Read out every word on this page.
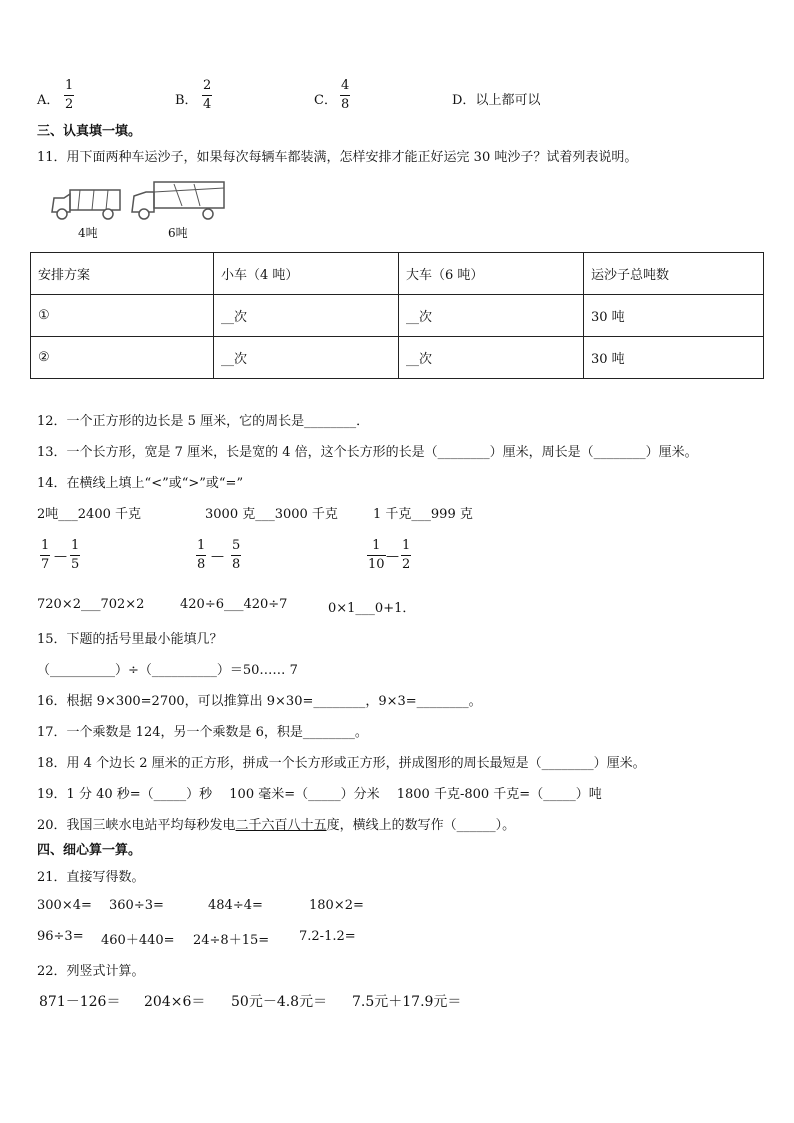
A．
1
2	B．
2
4	C．
4
8	D．以上都可以
三、认真填一填。
11．用下面两种车运沙子，如果每次每辆车都装满，怎样安排才能正好运完 30 吨沙子？试着列表说明。
4吨	6吨
安排方案	小车（4 吨）	大车（6 吨）	运沙子总吨数
①	__次	__次	30 吨
②	__次	__次	30 吨
12．一个正方形的边长是 5 厘米，它的周长是________．
13．一个长方形，宽是 7 厘米，长是宽的 4 倍，这个长方形的长是（________）厘米，周长是（________）厘米。
14．在横线上填上“<”或“>”或“=”
2吨___2400 千克	3000 克___3000 千克	1 千克___999 克
1
7
—
1
5
1
8
—
5
8
1
10
—
1
2
720×2___702×2	420÷6___420÷7	0×1___0+1．
15．下题的括号里最小能填几？
（__________）÷（__________）＝50…… 7
16．根据 9×300=2700，可以推算出 9×30=________，9×3=________。
17．一个乘数是 124，另一个乘数是 6，积是________。
18．用 4 个边长 2 厘米的正方形，拼成一个长方形或正方形，拼成图形的周长最短是（________）厘米。
19．1 分 40 秒=（_____）秒　 100 毫米=（_____）分米　 1800 千克-800 千克=（_____）吨
20．我国三峡水电站平均每秒发电二千六百八十五度，横线上的数写作（______）。
四、细心算一算。
21．直接写得数。
300×4= 360÷3=	484÷4=	180×2=
96÷3= 460＋440= 24÷8＋15= 7.2-1.2=
22．列竖式计算。
871－126＝ 204×6＝ 50元－4.8元＝ 7.5元＋17.9元＝
